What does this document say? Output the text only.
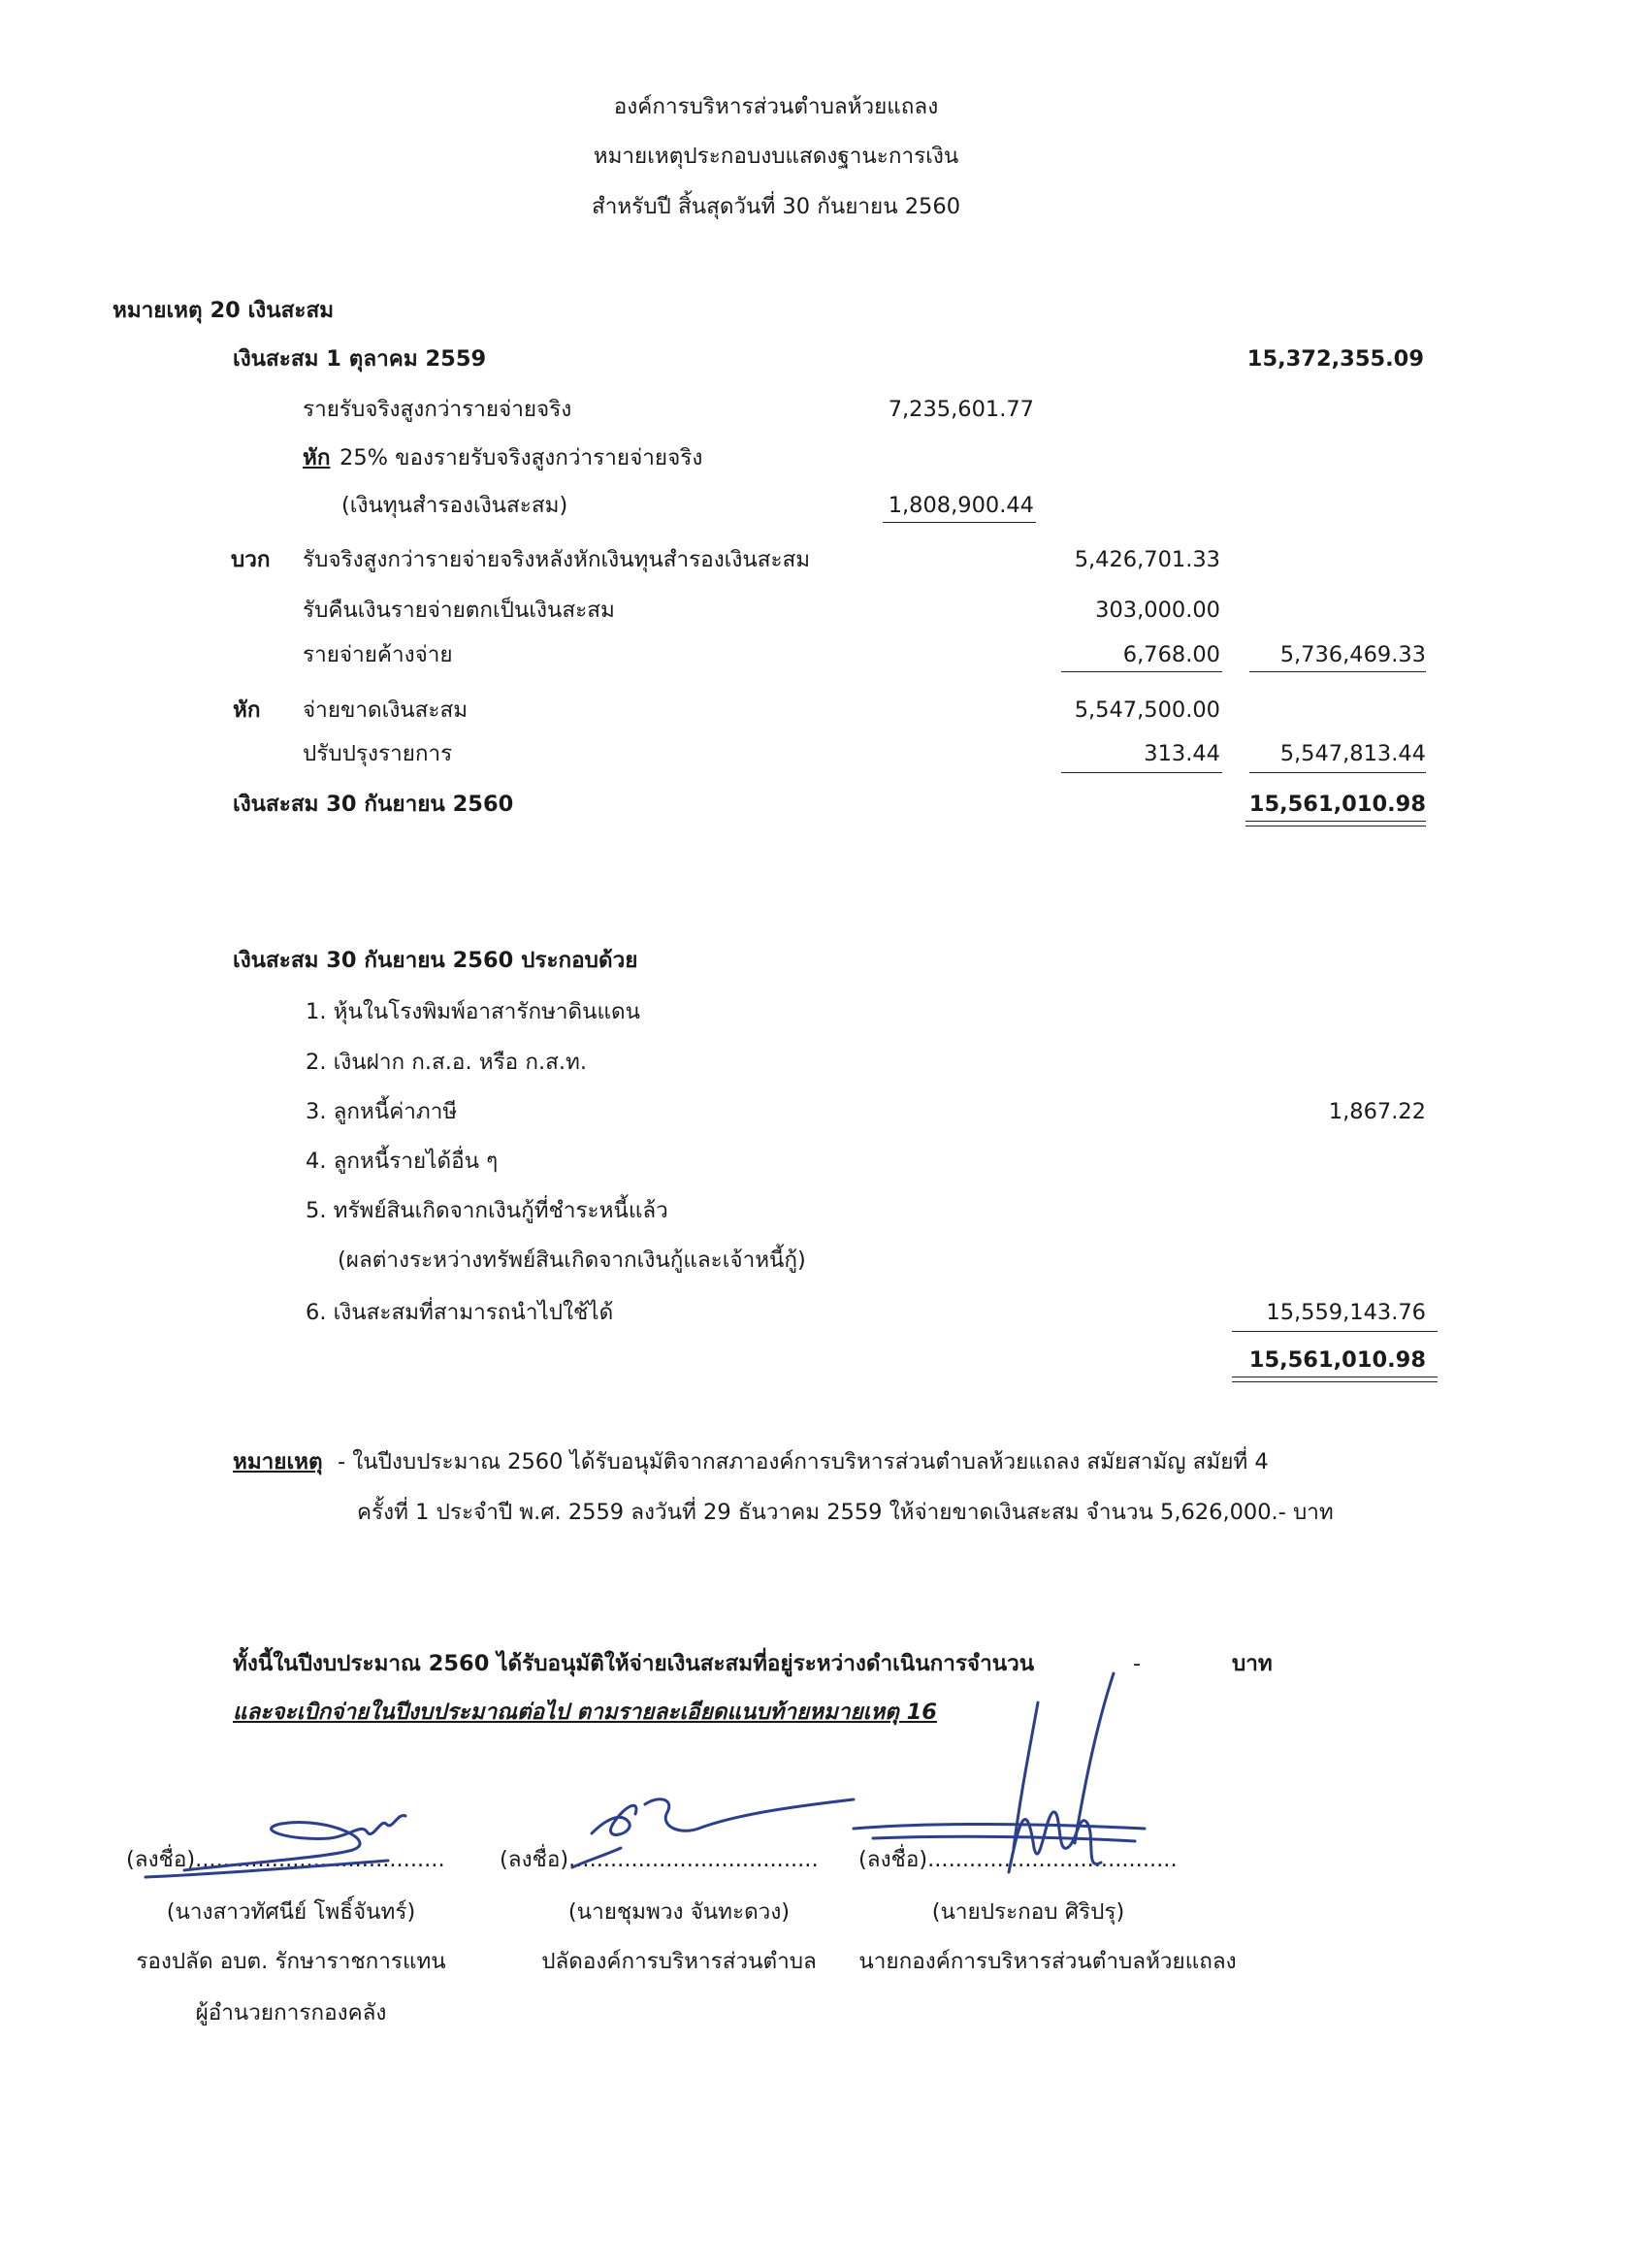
องค์การบริหารส่วนตำบลห้วยแถลง
หมายเหตุประกอบงบแสดงฐานะการเงิน
สำหรับปี สิ้นสุดวันที่ 30 กันยายน 2560
หมายเหตุ 20 เงินสะสม
เงินสะสม 1 ตุลาคม 2559	15,372,355.09
รายรับจริงสูงกว่ารายจ่ายจริง	7,235,601.77
หัก 25% ของรายรับจริงสูงกว่ารายจ่ายจริง
(เงินทุนสำรองเงินสะสม)	1,808,900.44
บวก รับจริงสูงกว่ารายจ่ายจริงหลังหักเงินทุนสำรองเงินสะสม	5,426,701.33
รับคืนเงินรายจ่ายตกเป็นเงินสะสม	303,000.00
รายจ่ายค้างจ่าย	6,768.00	5,736,469.33
หัก จ่ายขาดเงินสะสม	5,547,500.00
ปรับปรุงรายการ	313.44	5,547,813.44
เงินสะสม 30 กันยายน 2560	15,561,010.98
เงินสะสม 30 กันยายน 2560 ประกอบด้วย
1. หุ้นในโรงพิมพ์อาสารักษาดินแดน
2. เงินฝาก ก.ส.อ. หรือ ก.ส.ท.
3. ลูกหนี้ค่าภาษี	1,867.22
4. ลูกหนี้รายได้อื่น ๆ
5. ทรัพย์สินเกิดจากเงินกู้ที่ชำระหนี้แล้ว
(ผลต่างระหว่างทรัพย์สินเกิดจากเงินกู้และเจ้าหนี้กู้)
6. เงินสะสมที่สามารถนำไปใช้ได้	15,559,143.76
15,561,010.98
หมายเหตุ - ในปีงบประมาณ 2560 ได้รับอนุมัติจากสภาองค์การบริหารส่วนตำบลห้วยแถลง สมัยสามัญ สมัยที่ 4
ครั้งที่ 1 ประจำปี พ.ศ. 2559 ลงวันที่ 29 ธันวาคม 2559 ให้จ่ายขาดเงินสะสม จำนวน 5,626,000.- บาท
ทั้งนี้ในปีงบประมาณ 2560 ได้รับอนุมัติให้จ่ายเงินสะสมที่อยู่ระหว่างดำเนินการจำนวน	-	บาท
และจะเบิกจ่ายในปีงบประมาณต่อไป ตามรายละเอียดแนบท้ายหมายเหตุ 16
(ลงชื่อ)....................................
(นางสาวทัศนีย์ โพธิ์จันทร์)
รองปลัด อบต. รักษาราชการแทน
ผู้อำนวยการกองคลัง
(ลงชื่อ)....................................
(นายชุมพวง จันทะดวง)
ปลัดองค์การบริหารส่วนตำบล
(ลงชื่อ)....................................
(นายประกอบ ศิริปรุ)
นายกองค์การบริหารส่วนตำบลห้วยแถลง
